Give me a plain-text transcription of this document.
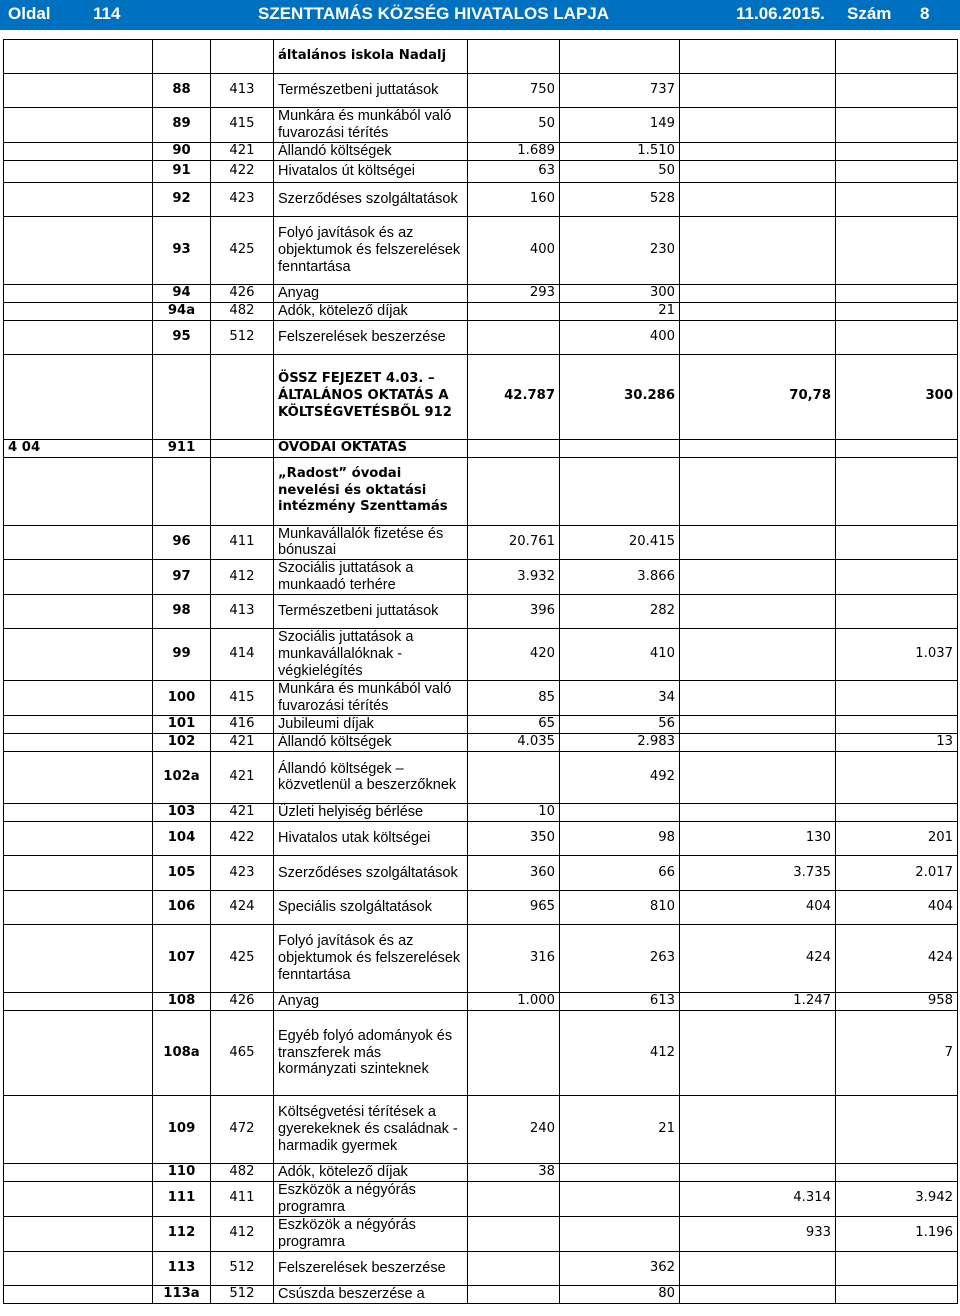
Oldal 114	SZENTTAMÁS KÖZSÉG HIVATALOS LAPJA	11.06.2015. Szám 8
			általános iskola Nadalj				
	88	413	Természetbeni juttatások	750	737		
	89	415	Munkára és munkából való fuvarozási térítés	50	149		
	90	421	Állandó költségek	1.689	1.510		
	91	422	Hivatalos út költségei	63	50		
	92	423	Szerződéses szolgáltatások	160	528		
	93	425	Folyó javítások és az objektumok és felszerelések fenntartása	400	230		
	94	426	Anyag	293	300		
	94a	482	Adók, kötelező díjak		21		
	95	512	Felszerelések beszerzése		400		
			ÖSSZ FEJEZET 4.03. – ÁLTALÁNOS OKTATÁS A KÖLTSÉGVETÉSBŐL 912	42.787	30.286	70,78	300
4 04	911		ÓVODAI OKTATÁS				
			„Radost” óvodai nevelési és oktatási intézmény Szenttamás				
	96	411	Munkavállalók fizetése és bónuszai	20.761	20.415		
	97	412	Szociális juttatások a munkaadó terhére	3.932	3.866		
	98	413	Természetbeni juttatások	396	282		
	99	414	Szociális juttatások a munkavállalóknak - végkielégítés	420	410		1.037
	100	415	Munkára és munkából való fuvarozási térítés	85	34		
	101	416	Jubileumi díjak	65	56		
	102	421	Állandó költségek	4.035	2.983		13
	102a	421	Állandó költségek – közvetlenül a beszerzőknek		492		
	103	421	Üzleti helyiség bérlése	10			
	104	422	Hivatalos utak költségei	350	98	130	201
	105	423	Szerződéses szolgáltatások	360	66	3.735	2.017
	106	424	Speciális szolgáltatások	965	810	404	404
	107	425	Folyó javítások és az objektumok és felszerelések fenntartása	316	263	424	424
	108	426	Anyag	1.000	613	1.247	958
	108a	465	Egyéb folyó adományok és transzferek más kormányzati szinteknek		412		7
	109	472	Költségvetési térítések a gyerekeknek és családnak - harmadik gyermek	240	21		
	110	482	Adók, kötelező díjak	38			
	111	411	Eszközök a négyórás programra			4.314	3.942
	112	412	Eszközök a négyórás programra			933	1.196
	113	512	Felszerelések beszerzése		362		
	113a	512	Csúszda beszerzése a		80		
